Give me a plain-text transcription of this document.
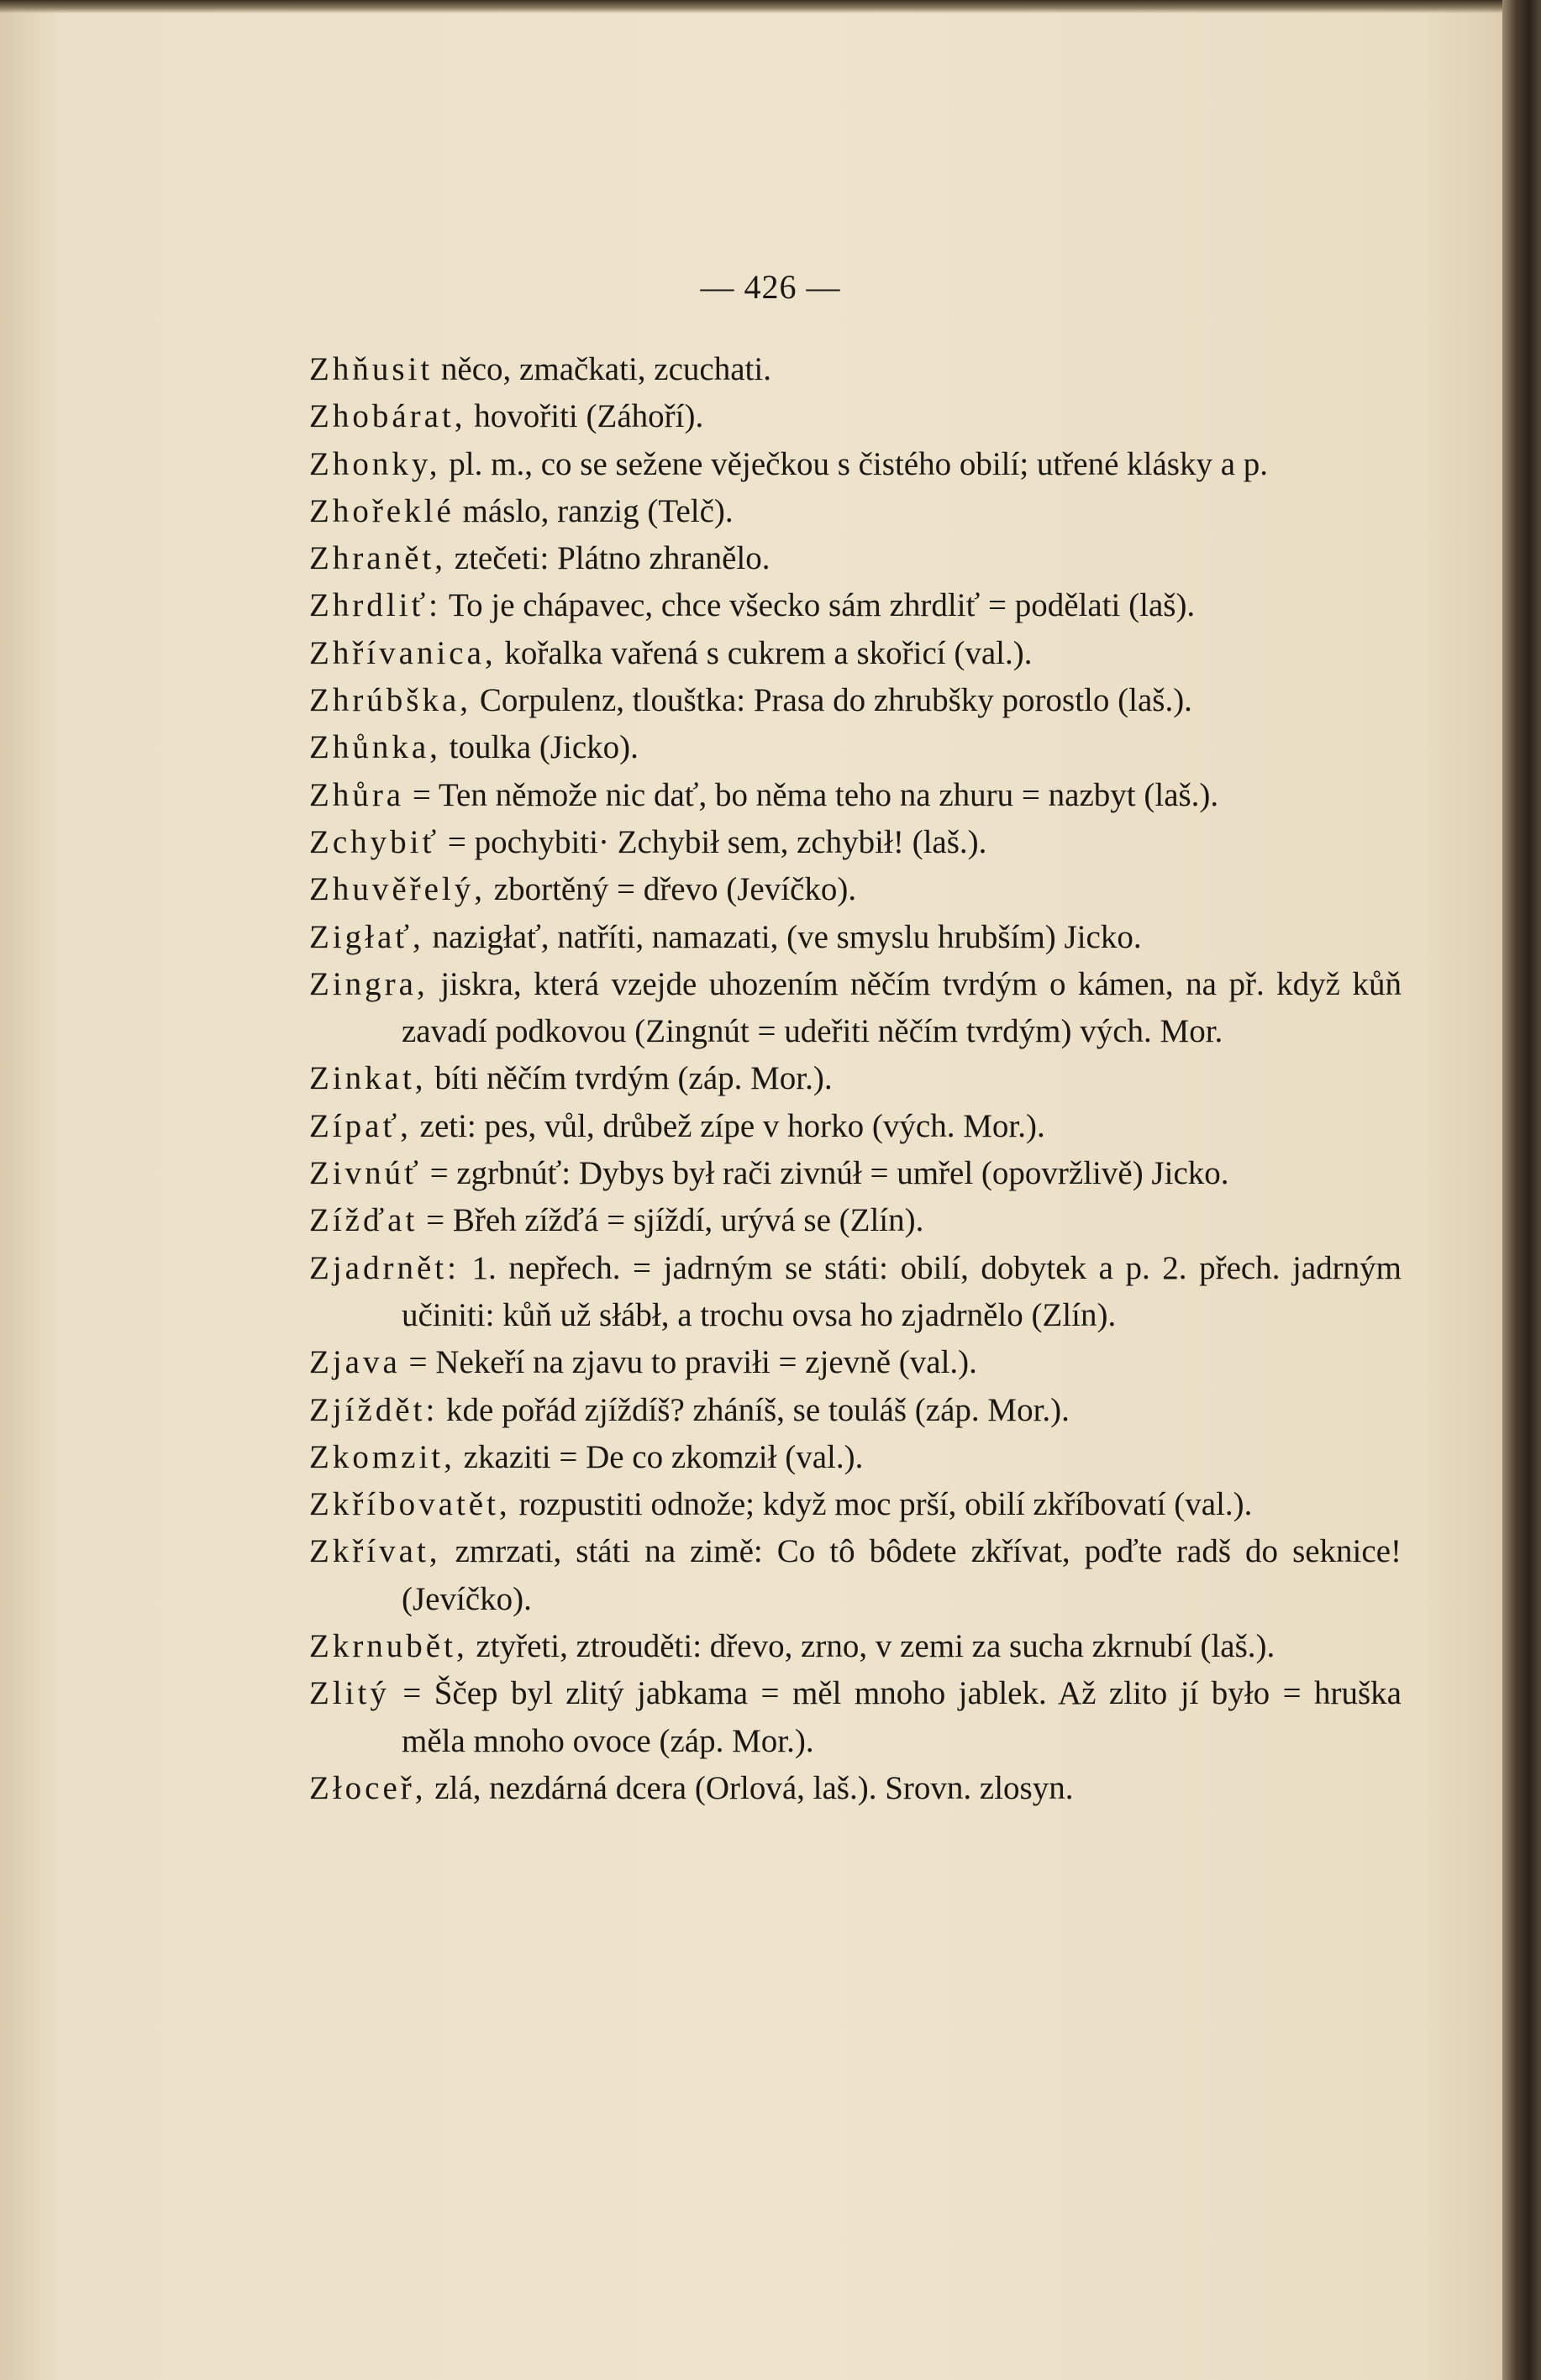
— 426 —

Zhňusit něco, zmačkati, zcuchati.

Zhobárat, hovořiti (Záhoří).

Zhonky, pl. m., co se sežene věječkou s čistého obilí; utřené klásky a p.

Zhořeklé máslo, ranzig (Telč).

Zhranět, ztečeti: Plátno zhranělo.

Zhrdliť: To je chápavec, chce všecko sám zhrdliť = podělati (laš).

Zhřívanica, kořalka vařená s cukrem a skořicí (val.).

Zhrúbška, Corpulenz, tlouštka: Prasa do zhrubšky porostlo (laš.).

Zhůnka, toulka (Jicko).

Zhůra = Ten němože nic dať, bo něma teho na zhuru = nazbyt (laš.).

Zchybiť = pochybiti· Zchybił sem, zchybił! (laš.).

Zhuvěřelý, zbortěný = dřevo (Jevíčko).

Zigłať, nazigłať, natříti, namazati, (ve smyslu hrubším) Jicko.

Zingra, jiskra, která vzejde uhozením něčím tvrdým o kámen, na př. když kůň zavadí podkovou (Zingnút = udeřiti něčím tvrdým) vých. Mor.

Zinkat, bíti něčím tvrdým (záp. Mor.).

Zípať, zeti: pes, vůl, drůbež zípe v horko (vých. Mor.).

Zivnúť = zgrbnúť: Dybys był rači zivnúł = umřel (opovržlivě) Jicko.

Zížďat = Břeh zížďá = sjíždí, urývá se (Zlín).

Zjadrnět: 1. nepřech. = jadrným se státi: obilí, dobytek a p. 2. přech. jadrným učiniti: kůň už słábł, a trochu ovsa ho zjadrnělo (Zlín).

Zjava = Nekeří na zjavu to praviłi = zjevně (val.).

Zjíždět: kde pořád zjíždíš? zháníš, se touláš (záp. Mor.).

Zkomzit, zkaziti = De co zkomził (val.).

Zkříbovatět, rozpustiti odnože; když moc prší, obilí zkříbovatí (val.).

Zkřívat, zmrzati, státi na zimě: Co tô bôdete zkřívat, poďte radš do seknice! (Jevíčko).

Zkrnubět, ztyřeti, ztrouděti: dřevo, zrno, v zemi za sucha zkrnubí (laš.).

Zlitý = Ščep byl zlitý jabkama = měl mnoho jablek. Až zlito jí było = hruška měla mnoho ovoce (záp. Mor.).

Złoceř, zlá, nezdárná dcera (Orlová, laš.). Srovn. zlosyn.
